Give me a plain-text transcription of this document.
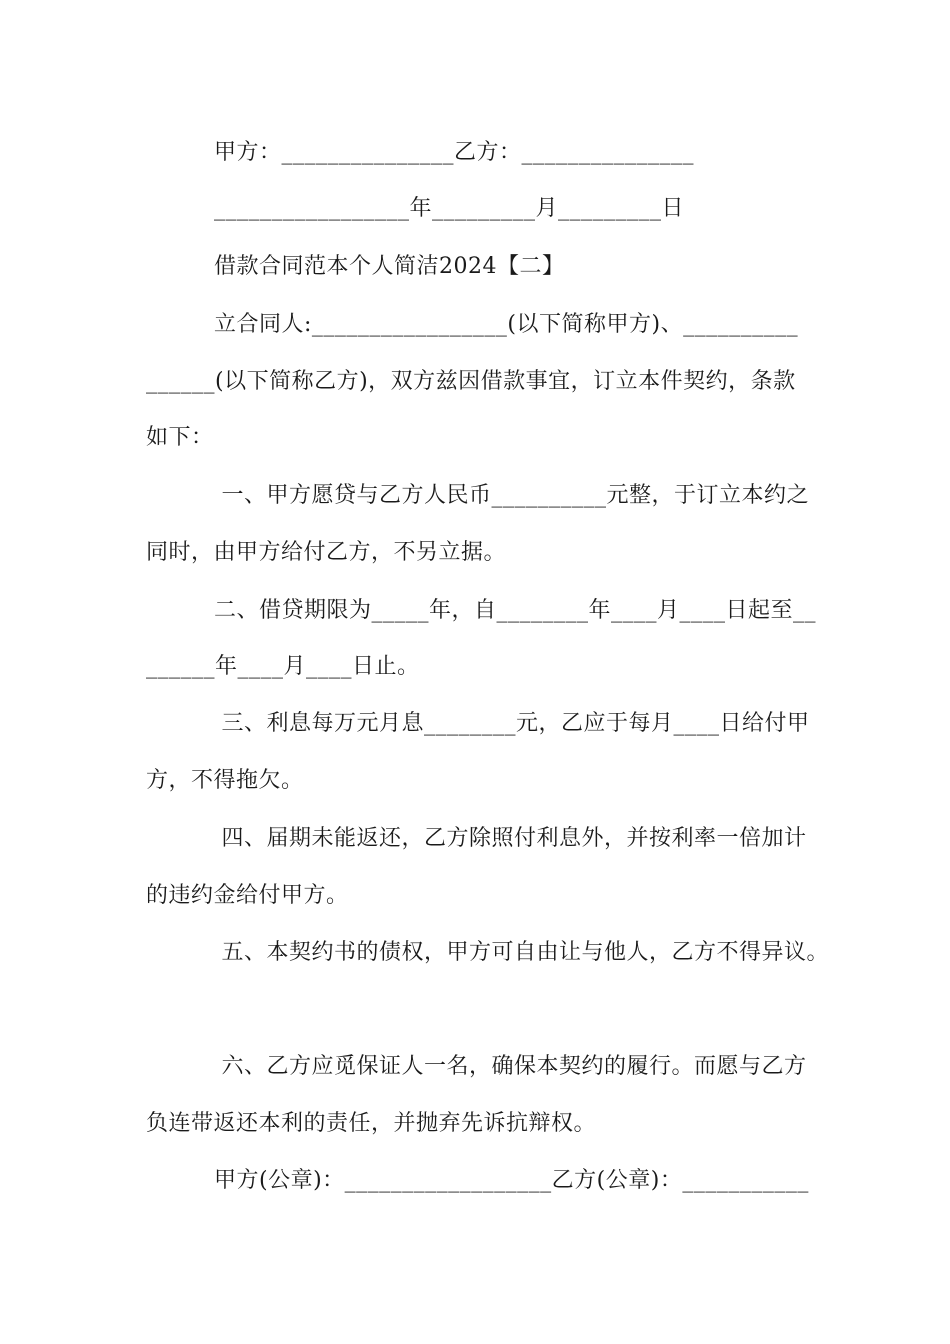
甲方：_______________乙方：_______________
_________________年_________月_________日
借款合同范本个人简洁2024【二】
立合同人:_________________(以下简称甲方)、__________
______(以下简称乙方)，双方兹因借款事宜，订立本件契约，条款
如下：
一、甲方愿贷与乙方人民币__________元整，于订立本约之
同时，由甲方给付乙方，不另立据。
二、借贷期限为_____年，自________年____月____日起至__
______年____月____日止。
三、利息每万元月息________元，乙应于每月____日给付甲
方，不得拖欠。
四、届期未能返还，乙方除照付利息外，并按利率一倍加计
的违约金给付甲方。
五、本契约书的债权，甲方可自由让与他人，乙方不得异议。
六、乙方应觅保证人一名，确保本契约的履行。而愿与乙方
负连带返还本利的责任，并抛弃先诉抗辩权。
甲方(公章)：__________________乙方(公章)：___________
